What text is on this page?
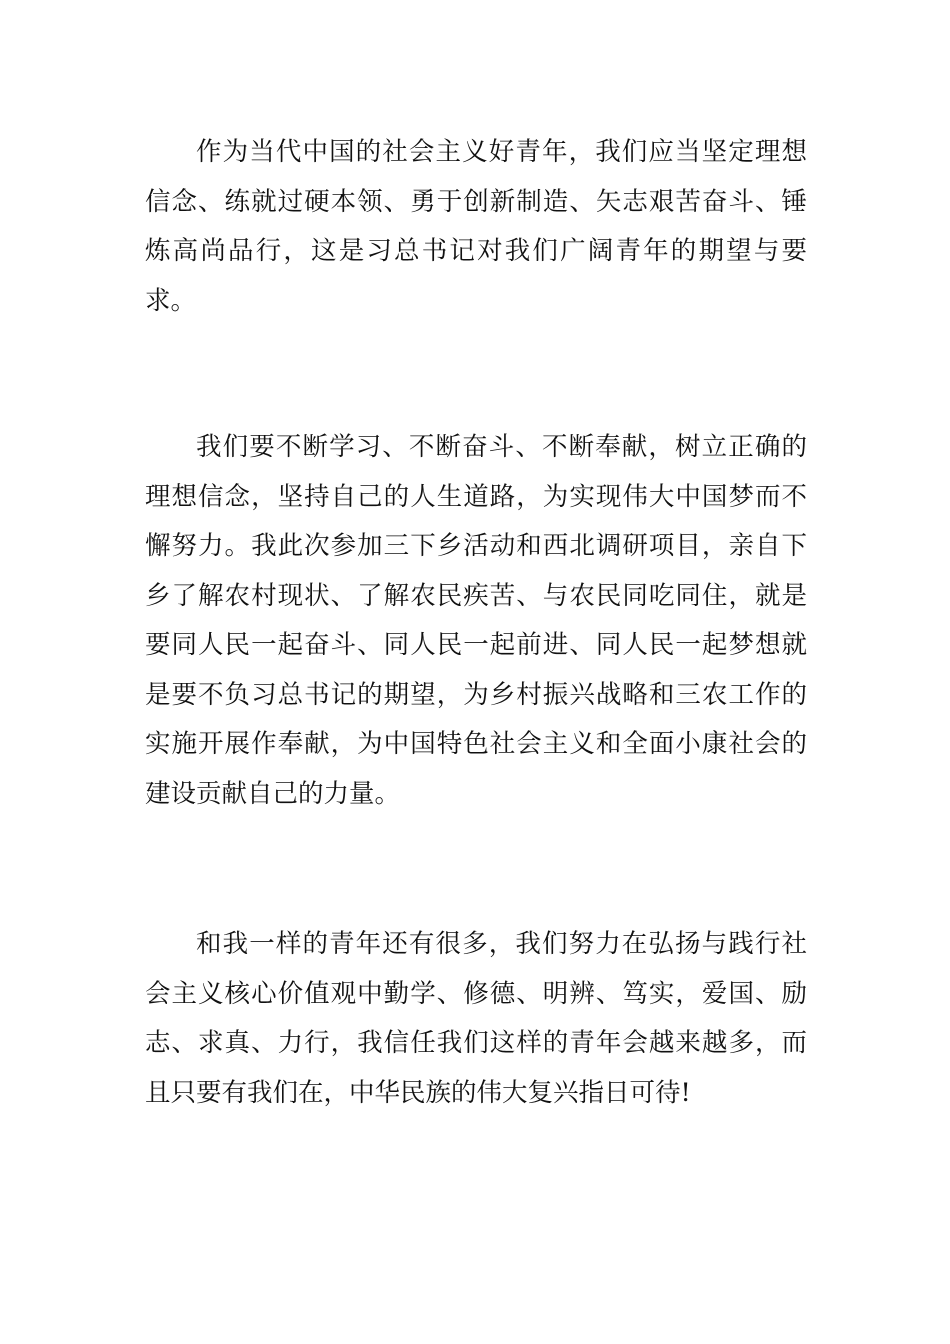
作为当代中国的社会主义好青年，我们应当坚定理想信念、练就过硬本领、勇于创新制造、矢志艰苦奋斗、锤炼高尚品行，这是习总书记对我们广阔青年的期望与要求。

我们要不断学习、不断奋斗、不断奉献，树立正确的理想信念，坚持自己的人生道路，为实现伟大中国梦而不懈努力。我此次参加三下乡活动和西北调研项目，亲自下乡了解农村现状、了解农民疾苦、与农民同吃同住，就是要同人民一起奋斗、同人民一起前进、同人民一起梦想就是要不负习总书记的期望，为乡村振兴战略和三农工作的实施开展作奉献，为中国特色社会主义和全面小康社会的建设贡献自己的力量。

和我一样的青年还有很多，我们努力在弘扬与践行社会主义核心价值观中勤学、修德、明辨、笃实，爱国、励志、求真、力行，我信任我们这样的青年会越来越多，而且只要有我们在，中华民族的伟大复兴指日可待!
